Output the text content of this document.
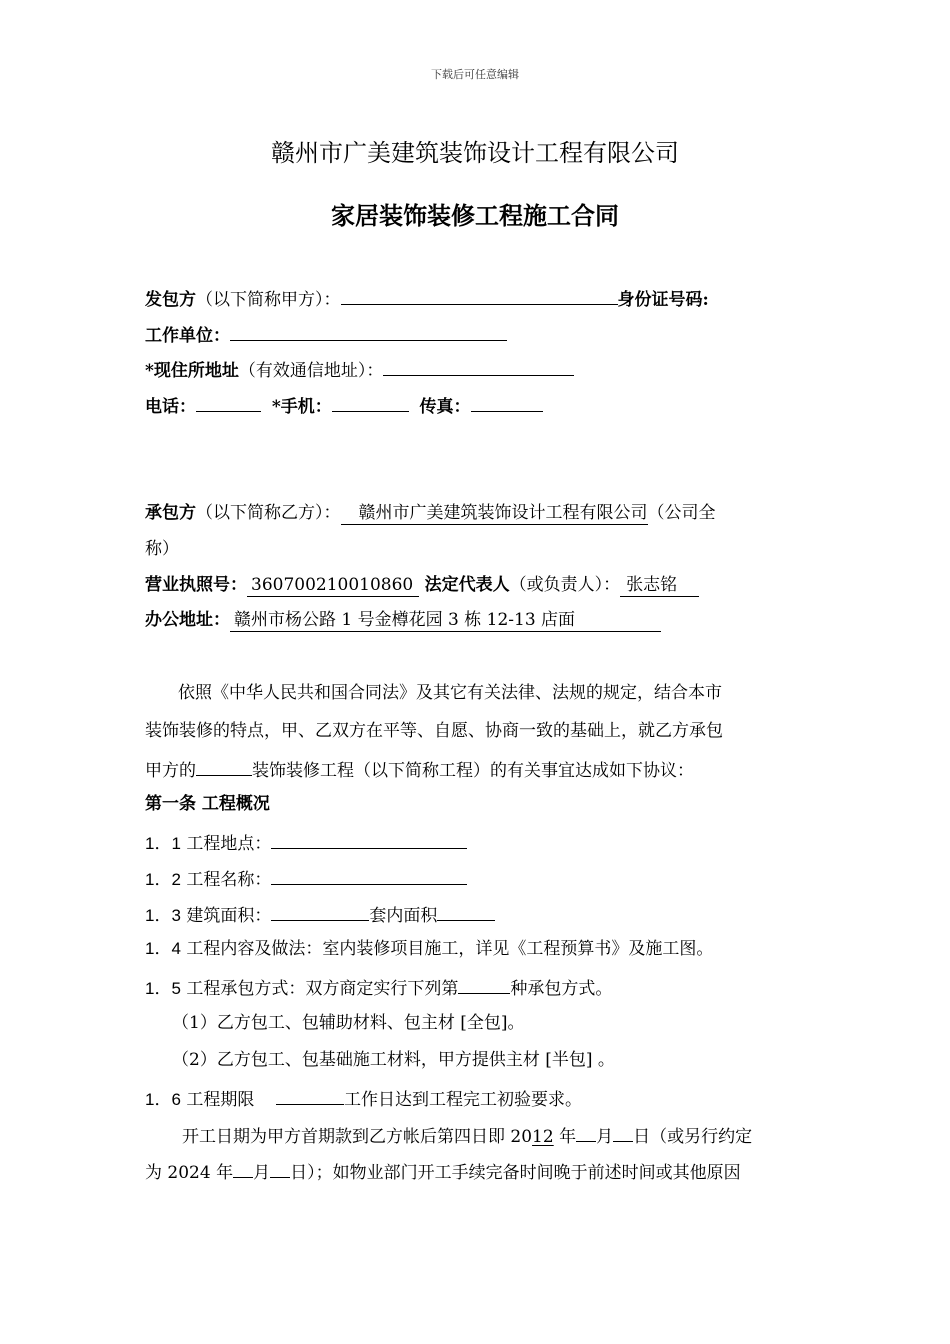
下载后可任意编辑
赣州市广美建筑装饰设计工程有限公司
家居装饰装修工程施工合同
发包方（以下简称甲方）：	身份证号码:
工作单位：
*现住所地址（有效通信地址）：
电话：	*手机：	传真：
承包方（以下简称乙方）： 赣州市广美建筑装饰设计工程有限公司（公司全
称）
营业执照号： 360700210010860 法定代表人（或负责人）： 张志铭
办公地址： 赣州市杨公路 1 号金樽花园 3 栋 12-13 店面
依照《中华人民共和国合同法》及其它有关法律、法规的规定，结合本市
装饰装修的特点，甲、乙双方在平等、自愿、协商一致的基础上，就乙方承包
甲方的	装饰装修工程（以下简称工程）的有关事宜达成如下协议：
第一条 工程概况
1．1 工程地点：
1．2 工程名称：
1．3 建筑面积：	套内面积
1．4 工程内容及做法：室内装修项目施工，详见《工程预算书》及施工图。
1．5 工程承包方式：双方商定实行下列第	种承包方式。
（1）乙方包工、包辅助材料、包主材 [全包]。
（2）乙方包工、包基础施工材料，甲方提供主材 [半包] 。
1．6 工程期限	工作日达到工程完工初验要求。
开工日期为甲方首期款到乙方帐后第四日即 2012 年 月 日（或另行约定
为 2024 年 月 日）；如物业部门开工手续完备时间晚于前述时间或其他原因
